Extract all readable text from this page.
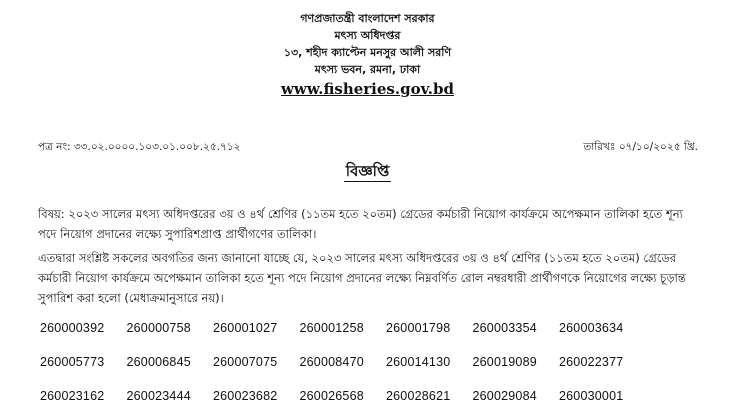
গণপ্রজাতন্ত্রী বাংলাদেশ সরকার
মৎস্য অধিদপ্তর
১৩, শহীদ ক্যাপ্টেন মনসুর আলী সরণি
মৎস্য ভবন, রমনা, ঢাকা
www.fisheries.gov.bd
পত্র নং: ৩৩.০২.০০০০.১০৩.০১.০০৮.২৫.৭১২	তারিখঃ ০৭/১০/২০২৫ খ্রি.
বিজ্ঞপ্তি
বিষয়: ২০২৩ সালের মৎস্য অধিদপ্তরের ৩য় ও ৪র্থ শ্রেণির (১১তম হতে ২০তম) গ্রেডের কর্মচারী নিয়োগ কার্যক্রমে অপেক্ষমান তালিকা হতে শূন্য পদে নিয়োগ প্রদানের লক্ষ্যে সুপারিশপ্রাপ্ত প্রার্থীগণের তালিকা।
এতদ্বারা সংশ্লিষ্ট সকলের অবগতির জন্য জানানো যাচ্ছে যে, ২০২৩ সালের মৎস্য অধিদপ্তরের ৩য় ও ৪র্থ শ্রেণির (১১তম হতে ২০তম) গ্রেডের কর্মচারী নিয়োগ কার্যক্রমে অপেক্ষমান তালিকা হতে শূন্য পদে নিয়োগ প্রদানের লক্ষ্যে নিম্নবর্ণিত রোল নম্বরধারী প্রার্থীগণকে নিয়োগের লক্ষ্যে চূড়ান্ত সুপারিশ করা হলো (মেধাক্রমানুসারে নয়)।
260000392	260000758	260001027	260001258	260001798	260003354	260003634
260005773	260006845	260007075	260008470	260014130	260019089	260022377
260023162	260023444	260023682	260026568	260028621	260029084	260030001
